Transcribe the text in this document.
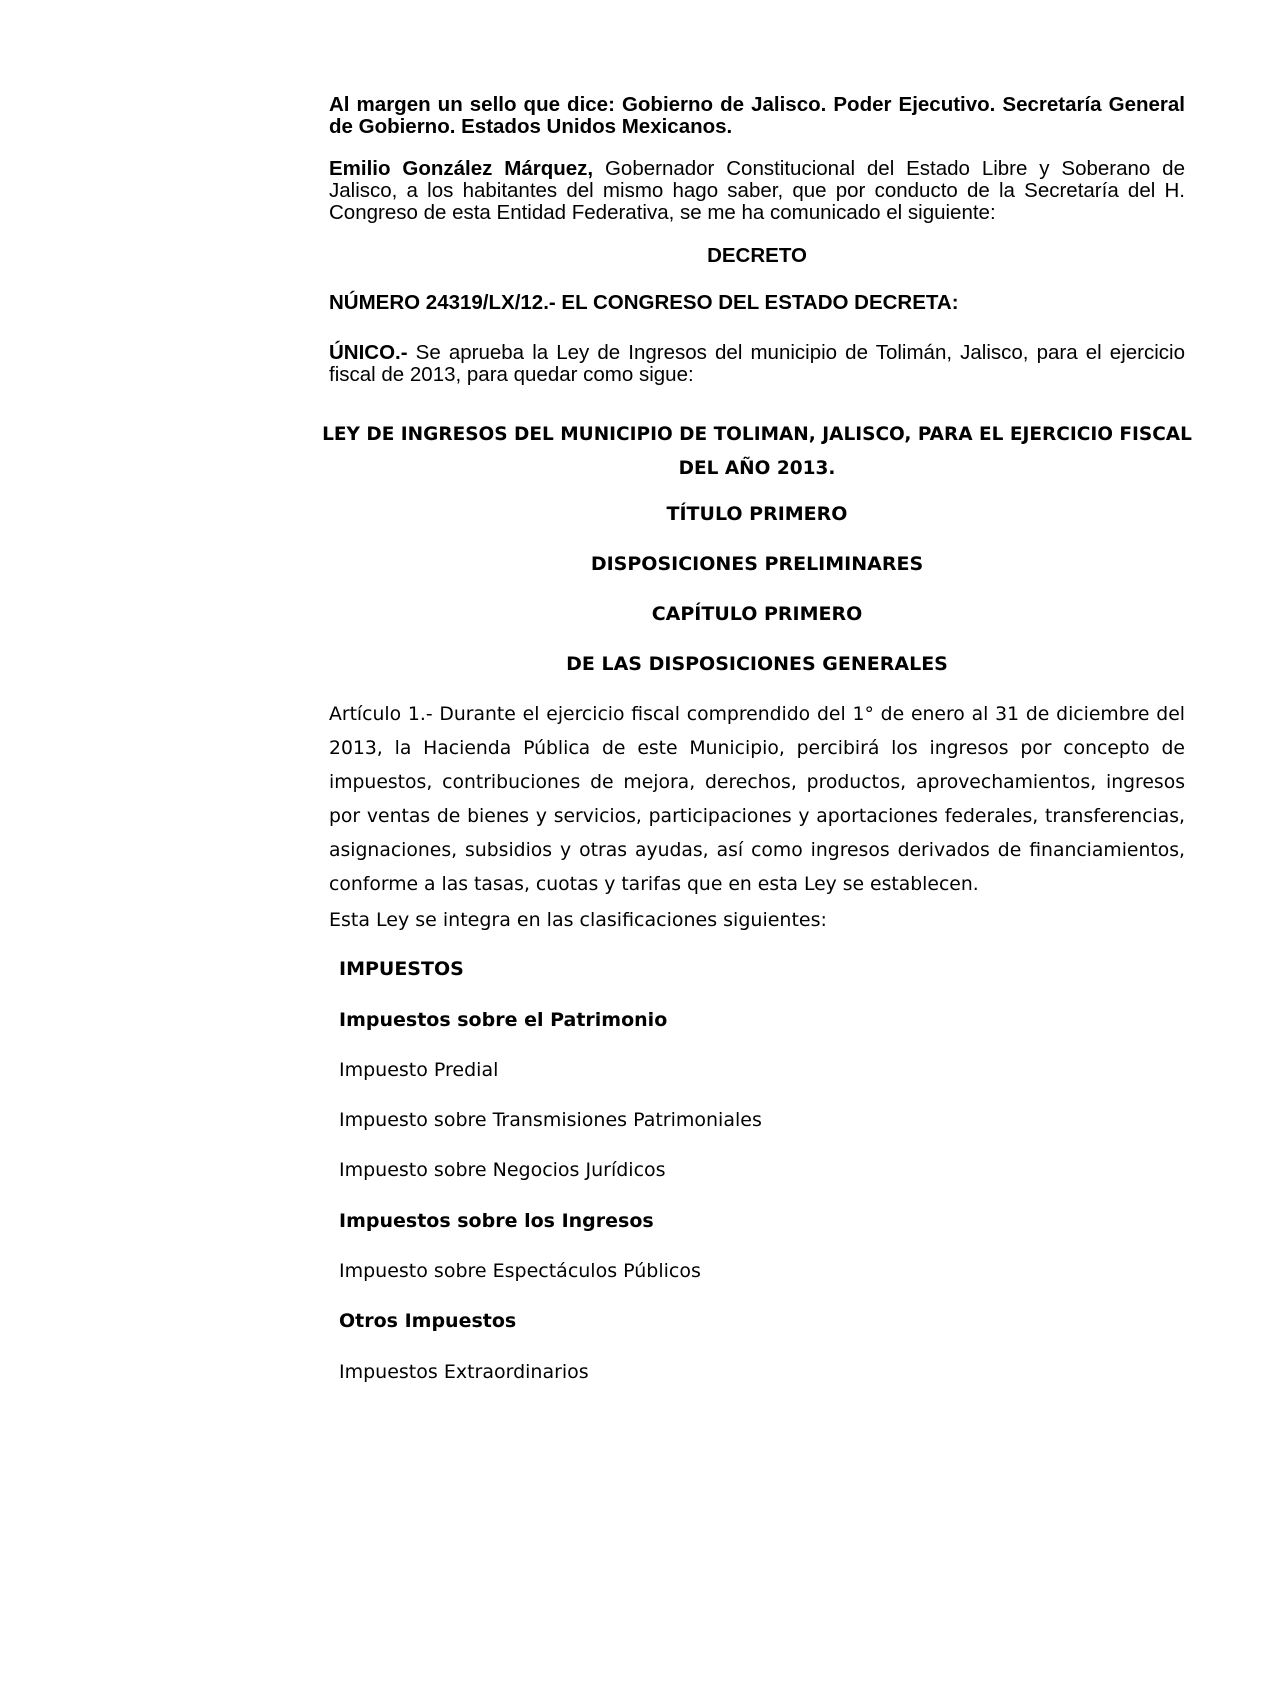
Al margen un sello que dice: Gobierno de Jalisco. Poder Ejecutivo. Secretaría General de Gobierno. Estados Unidos Mexicanos.
Emilio González Márquez, Gobernador Constitucional del Estado Libre y Soberano de Jalisco, a los habitantes del mismo hago saber, que por conducto de la Secretaría del H. Congreso de esta Entidad Federativa, se me ha comunicado el siguiente:
DECRETO
NÚMERO 24319/LX/12.- EL CONGRESO DEL ESTADO DECRETA:
ÚNICO.- Se aprueba la Ley de Ingresos del municipio de Tolimán, Jalisco, para el ejercicio fiscal de 2013, para quedar como sigue:
LEY DE INGRESOS DEL MUNICIPIO DE TOLIMAN, JALISCO, PARA EL EJERCICIO FISCAL DEL AÑO 2013.
TÍTULO PRIMERO
DISPOSICIONES PRELIMINARES
CAPÍTULO PRIMERO
DE LAS DISPOSICIONES GENERALES
Artículo 1.- Durante el ejercicio fiscal comprendido del 1° de enero al 31 de diciembre del 2013, la Hacienda Pública de este Municipio, percibirá los ingresos por concepto de impuestos, contribuciones de mejora, derechos, productos, aprovechamientos, ingresos por ventas de bienes y servicios, participaciones y aportaciones federales, transferencias, asignaciones, subsidios y otras ayudas, así como ingresos derivados de financiamientos, conforme a las tasas, cuotas y tarifas que en esta Ley se establecen.
Esta Ley se integra en las clasificaciones siguientes:
IMPUESTOS
Impuestos sobre el Patrimonio
Impuesto Predial
Impuesto sobre Transmisiones Patrimoniales
Impuesto sobre Negocios Jurídicos
Impuestos sobre los Ingresos
Impuesto sobre Espectáculos Públicos
Otros Impuestos
Impuestos Extraordinarios
